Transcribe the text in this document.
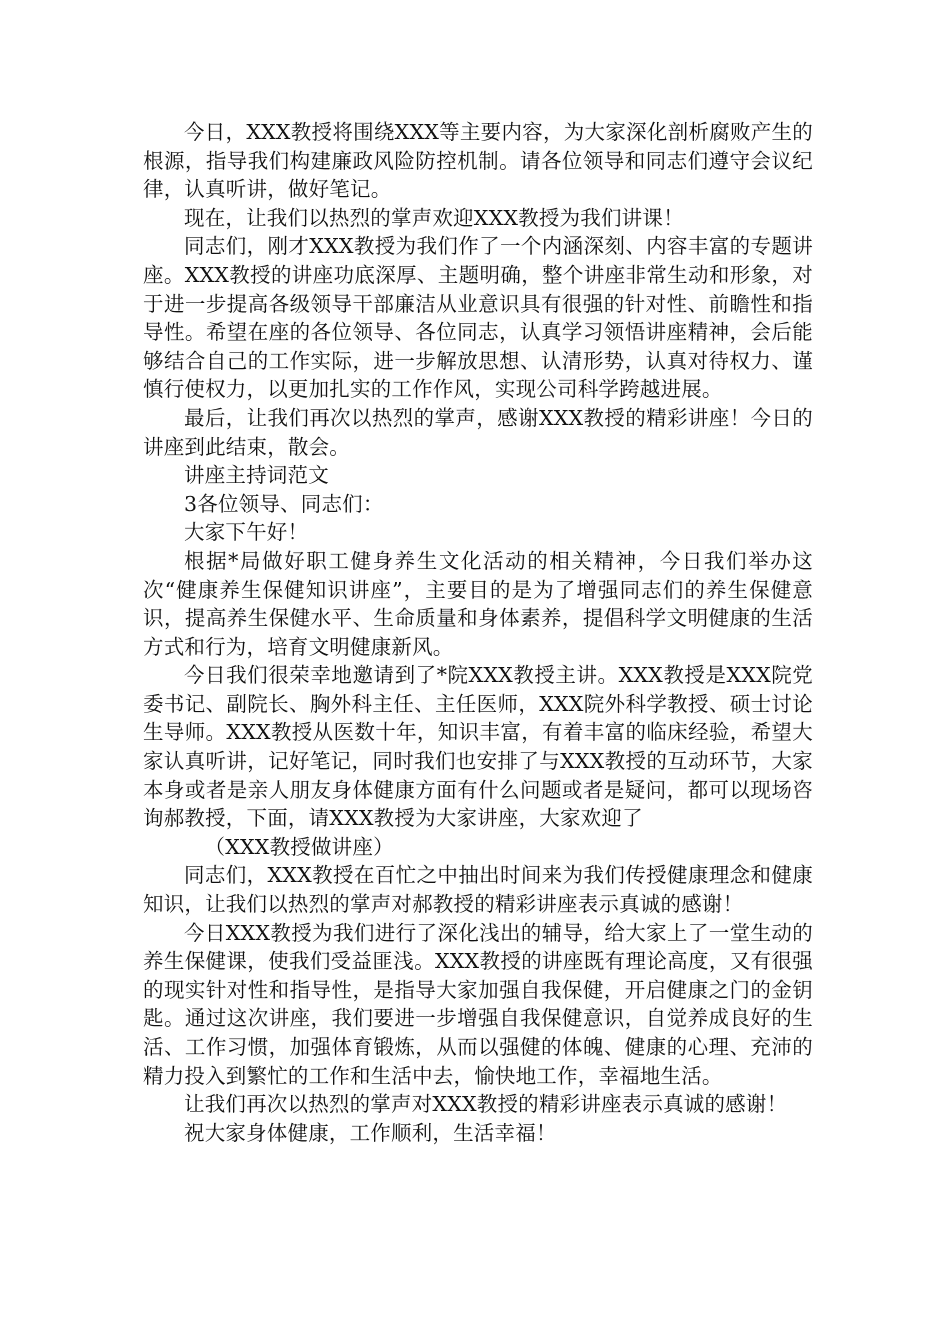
今日，XXX教授将围绕XXX等主要内容，为大家深化剖析腐败产生的根源，指导我们构建廉政风险防控机制。请各位领导和同志们遵守会议纪律，认真听讲，做好笔记。

现在，让我们以热烈的掌声欢迎XXX教授为我们讲课！

同志们，刚才XXX教授为我们作了一个内涵深刻、内容丰富的专题讲座。XXX教授的讲座功底深厚、主题明确，整个讲座非常生动和形象，对于进一步提高各级领导干部廉洁从业意识具有很强的针对性、前瞻性和指导性。希望在座的各位领导、各位同志，认真学习领悟讲座精神，会后能够结合自己的工作实际，进一步解放思想、认清形势，认真对待权力、谨慎行使权力，以更加扎实的工作作风，实现公司科学跨越进展。

最后，让我们再次以热烈的掌声，感谢XXX教授的精彩讲座！今日的讲座到此结束，散会。

讲座主持词范文

3各位领导、同志们：

大家下午好！

根据*局做好职工健身养生文化活动的相关精神，今日我们举办这次“健康养生保健知识讲座”，主要目的是为了增强同志们的养生保健意识，提高养生保健水平、生命质量和身体素养，提倡科学文明健康的生活方式和行为，培育文明健康新风。

今日我们很荣幸地邀请到了*院XXX教授主讲。XXX教授是XXX院党委书记、副院长、胸外科主任、主任医师，XXX院外科学教授、硕士讨论生导师。XXX教授从医数十年，知识丰富，有着丰富的临床经验，希望大家认真听讲，记好笔记，同时我们也安排了与XXX教授的互动环节，大家本身或者是亲人朋友身体健康方面有什么问题或者是疑问，都可以现场咨询郝教授，下面，请XXX教授为大家讲座，大家欢迎了

（XXX教授做讲座）

同志们，XXX教授在百忙之中抽出时间来为我们传授健康理念和健康知识，让我们以热烈的掌声对郝教授的精彩讲座表示真诚的感谢！

今日XXX教授为我们进行了深化浅出的辅导，给大家上了一堂生动的养生保健课，使我们受益匪浅。XXX教授的讲座既有理论高度，又有很强的现实针对性和指导性，是指导大家加强自我保健，开启健康之门的金钥匙。通过这次讲座，我们要进一步增强自我保健意识，自觉养成良好的生活、工作习惯，加强体育锻炼，从而以强健的体魄、健康的心理、充沛的精力投入到繁忙的工作和生活中去，愉快地工作，幸福地生活。

让我们再次以热烈的掌声对XXX教授的精彩讲座表示真诚的感谢！

祝大家身体健康，工作顺利，生活幸福！
